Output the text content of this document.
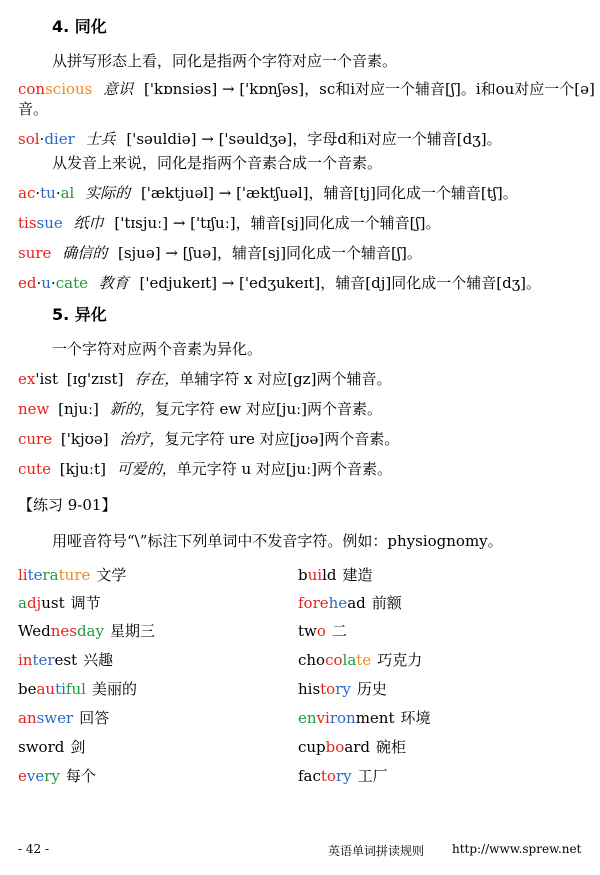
4. 同化
从拼写形态上看，同化是指两个字符对应一个音素。
conscious 意识 ['kɒnsiəs] → ['kɒnʃəs]，sc和i对应一个辅音[ʃ]。i和ou对应一个[ə]
音。
sol·dier 士兵 ['səuldiə] → ['səuldʒə]，字母d和i对应一个辅音[dʒ]。
从发音上来说，同化是指两个音素合成一个音素。
ac·tu·al 实际的 ['æktjuəl] → ['æktʃuəl]，辅音[tj]同化成一个辅音[tʃ]。
tissue 纸巾 ['tɪsjuː] → ['tɪʃuː]，辅音[sj]同化成一个辅音[ʃ]。
sure 确信的 [sjuə] → [ʃuə]，辅音[sj]同化成一个辅音[ʃ]。
ed·u·cate 教育 ['edjukeɪt] → ['edʒukeɪt]，辅音[dj]同化成一个辅音[dʒ]。
5. 异化
一个字符对应两个音素为异化。
ex'ist [ɪg'zɪst] 存在，单辅字符 x 对应[gz]两个辅音。
new [njuː] 新的，复元字符 ew 对应[juː]两个音素。
cure ['kjʊə] 治疗，复元字符 ure 对应[jʊə]两个音素。
cute [kjuːt] 可爱的，单元字符 u 对应[juː]两个音素。
【练习 9-01】
用哑音符号“\”标注下列单词中不发音字符。例如：physiognomy。
literature 文学	build 建造
adjust 调节	forehead 前额
Wednesday 星期三	two 二
interest 兴趣	chocolate 巧克力
beautiful 美丽的	history 历史
answer 回答	environment 环境
sword 剑	cupboard 碗柜
every 每个	factory 工厂
- 42 -	英语单词拼读规则 http://www.sprew.net
